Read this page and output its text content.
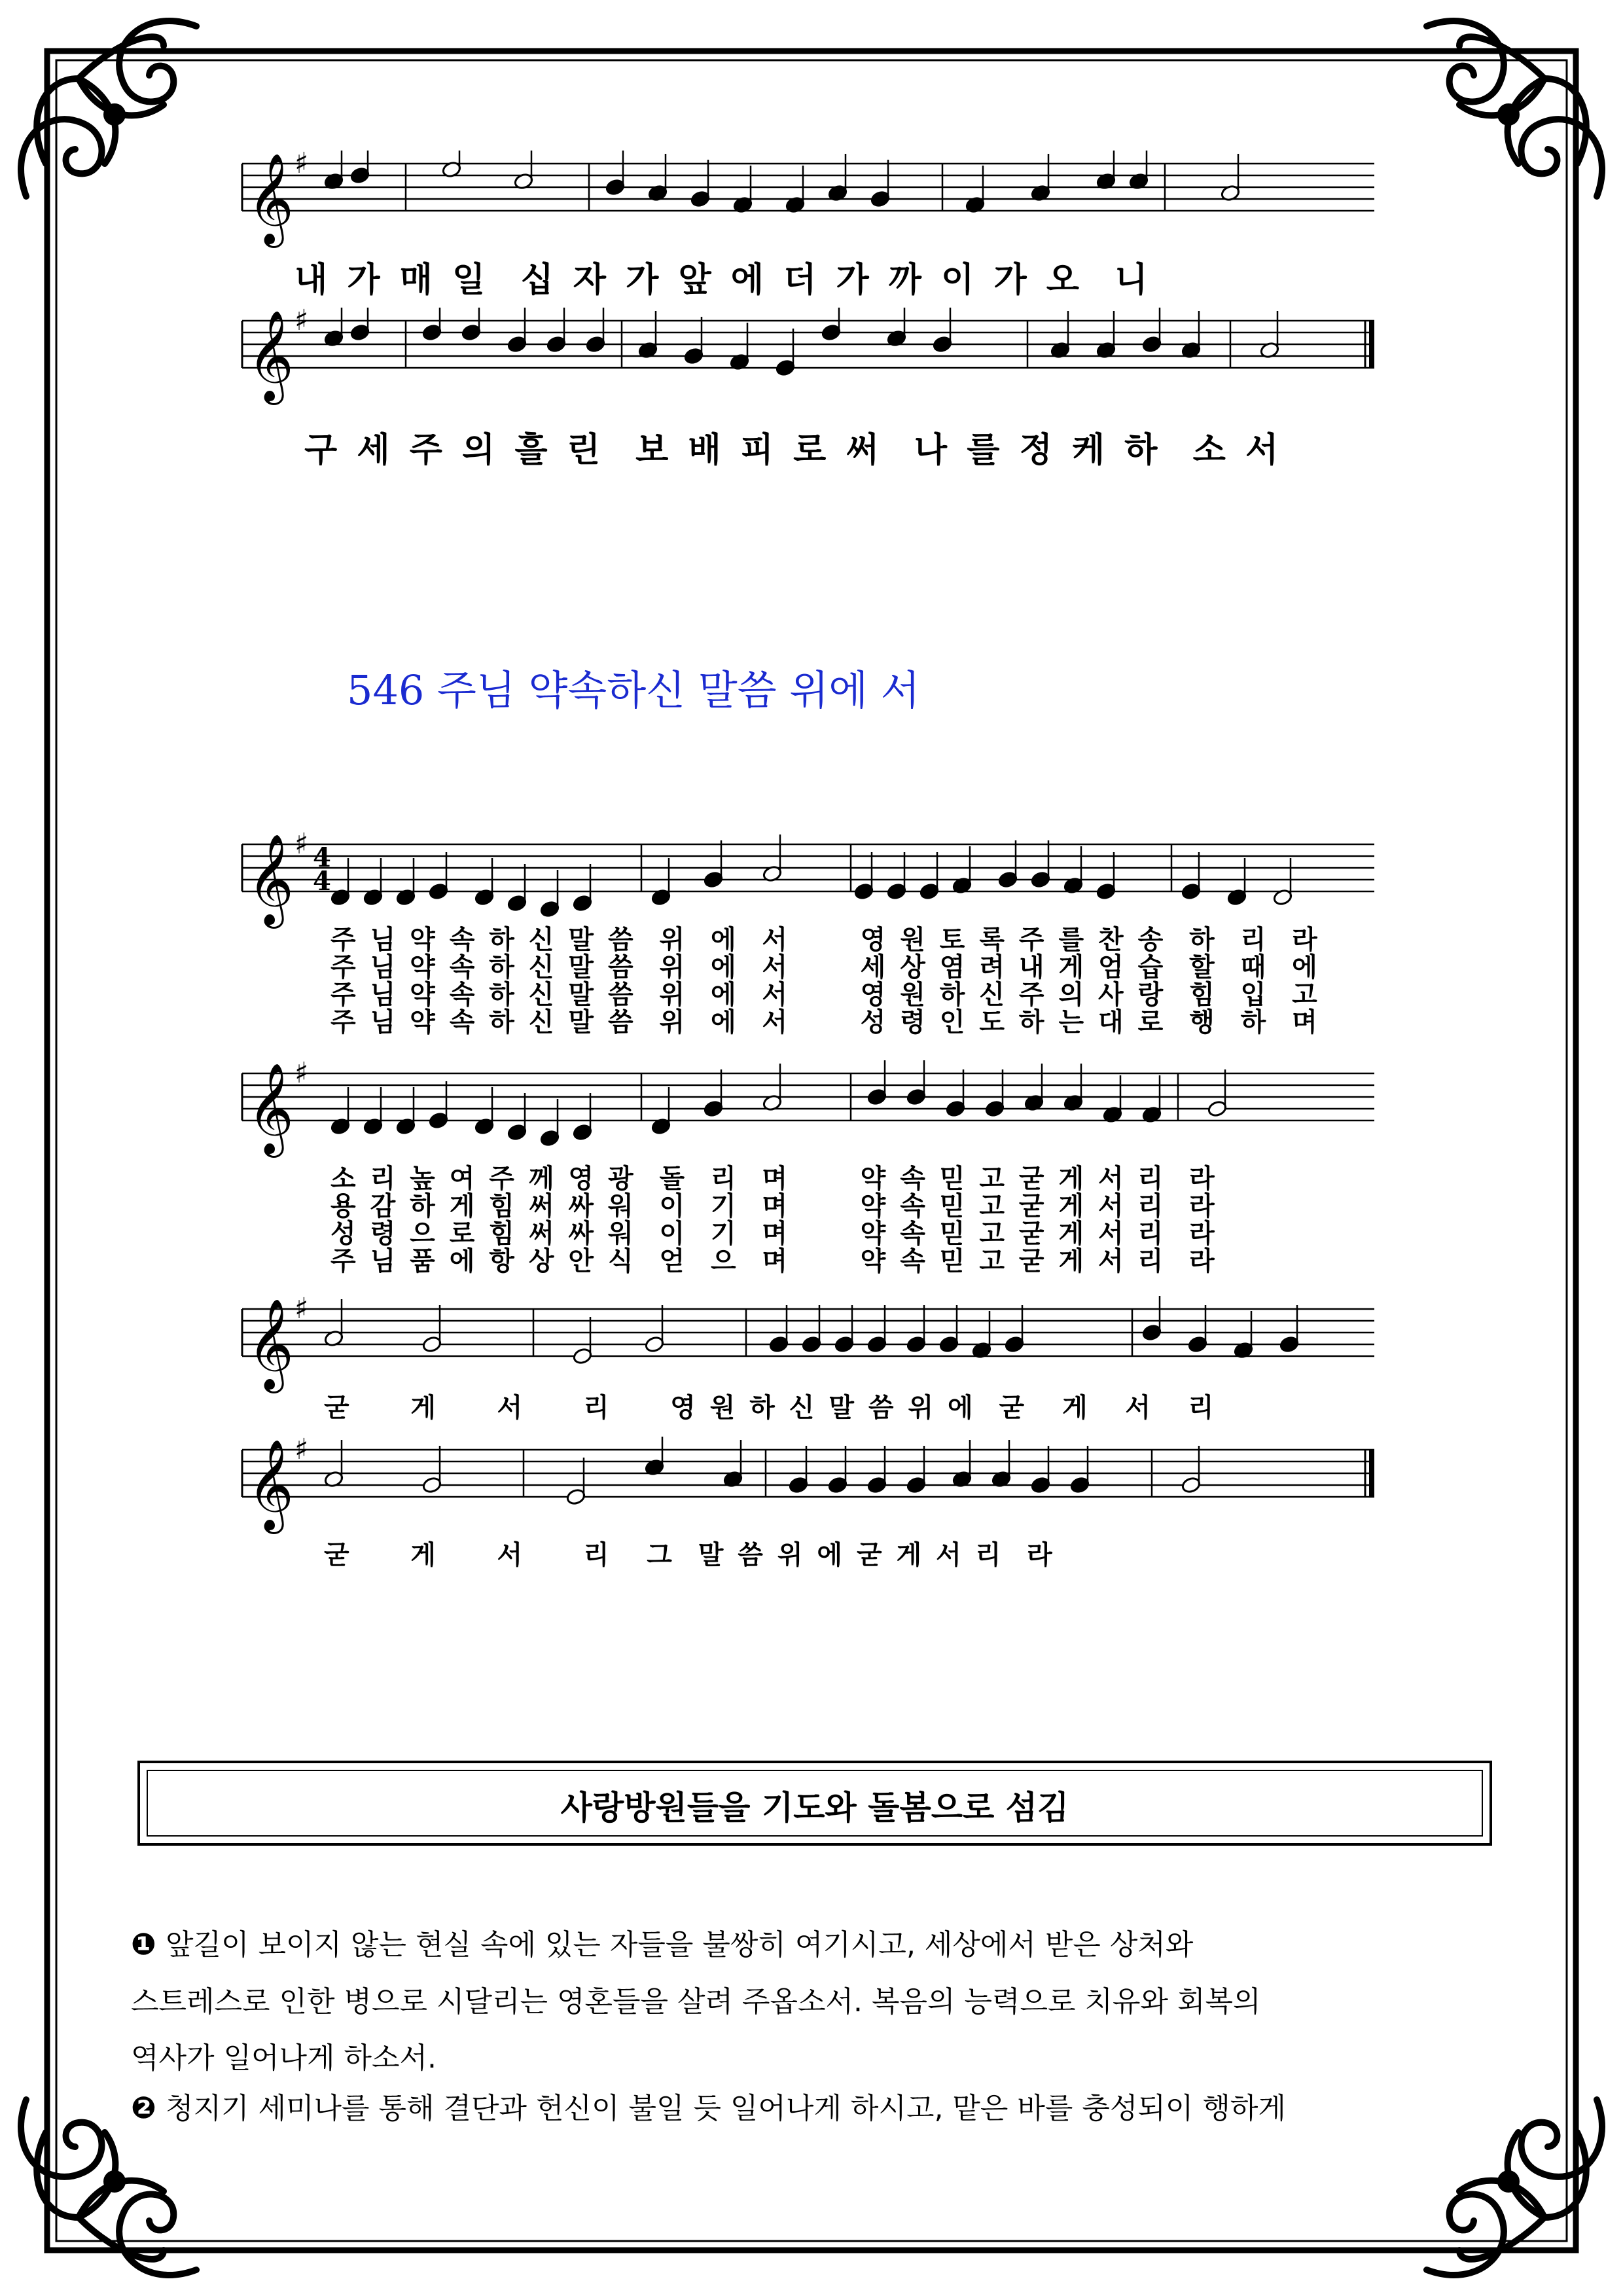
𝄞 ♯
내 가 매 일  십 자 가 앞 에 더 가 까 이 가 오  니
𝄞 ♯
구 세 주 의 흘 린  보 배 피 로 써  나 를 정 케 하  소 서
546 주님 약속하신 말씀 위에 서
𝄞 ♯ 4
4
주 님 약 속 하 신 말 씀  위  에  서      영 원 토 록 주 를 찬 송  하  리  라
주 님 약 속 하 신 말 씀  위  에  서      세 상 염 려 내 게 엄 습  할  때  에
주 님 약 속 하 신 말 씀  위  에  서      영 원 하 신 주 의 사 랑  힘  입  고
주 님 약 속 하 신 말 씀  위  에  서      성 령 인 도 하 는 대 로  행  하  며
𝄞 ♯
소 리 높 여 주 께 영 광  돌  리  며      약 속 믿 고 굳 게 서 리  라
용 감 하 게 힘 써 싸 워  이  기  며      약 속 믿 고 굳 게 서 리  라
성 령 으 로 힘 써 싸 워  이  기  며      약 속 믿 고 굳 게 서 리  라
주 님 품 에 항 상 안 식  얻  으  며      약 속 믿 고 굳 게 서 리  라
𝄞 ♯
굳     게     서     리     영 원 하 신 말 씀 위 에  굳   게   서   리
𝄞 ♯
굳     게     서     리   그  말 씀 위 에 굳 게 서 리  라
사랑방원들을 기도와 돌봄으로 섬김
❶ 앞길이 보이지 않는 현실 속에 있는 자들을 불쌍히 여기시고, 세상에서 받은 상처와
스트레스로 인한 병으로 시달리는 영혼들을 살려 주옵소서. 복음의 능력으로 치유와 회복의
역사가 일어나게 하소서.
❷ 청지기 세미나를 통해 결단과 헌신이 불일 듯 일어나게 하시고, 맡은 바를 충성되이 행하게
